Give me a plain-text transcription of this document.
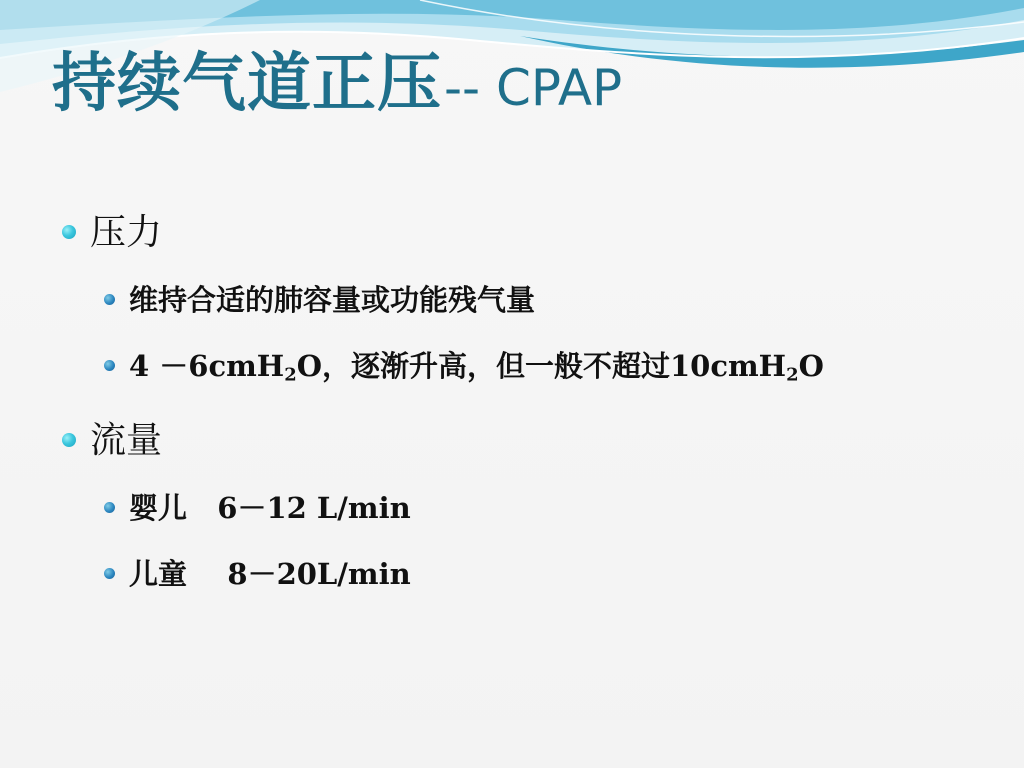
持续气道正压-- CPAP
压力
维持合适的肺容量或功能残气量
4 －6cmH$_2$O，逐渐升高，但一般不超过10cmH$_2$O
流量
婴儿   6－12 L/min
儿童    8－20L/min
